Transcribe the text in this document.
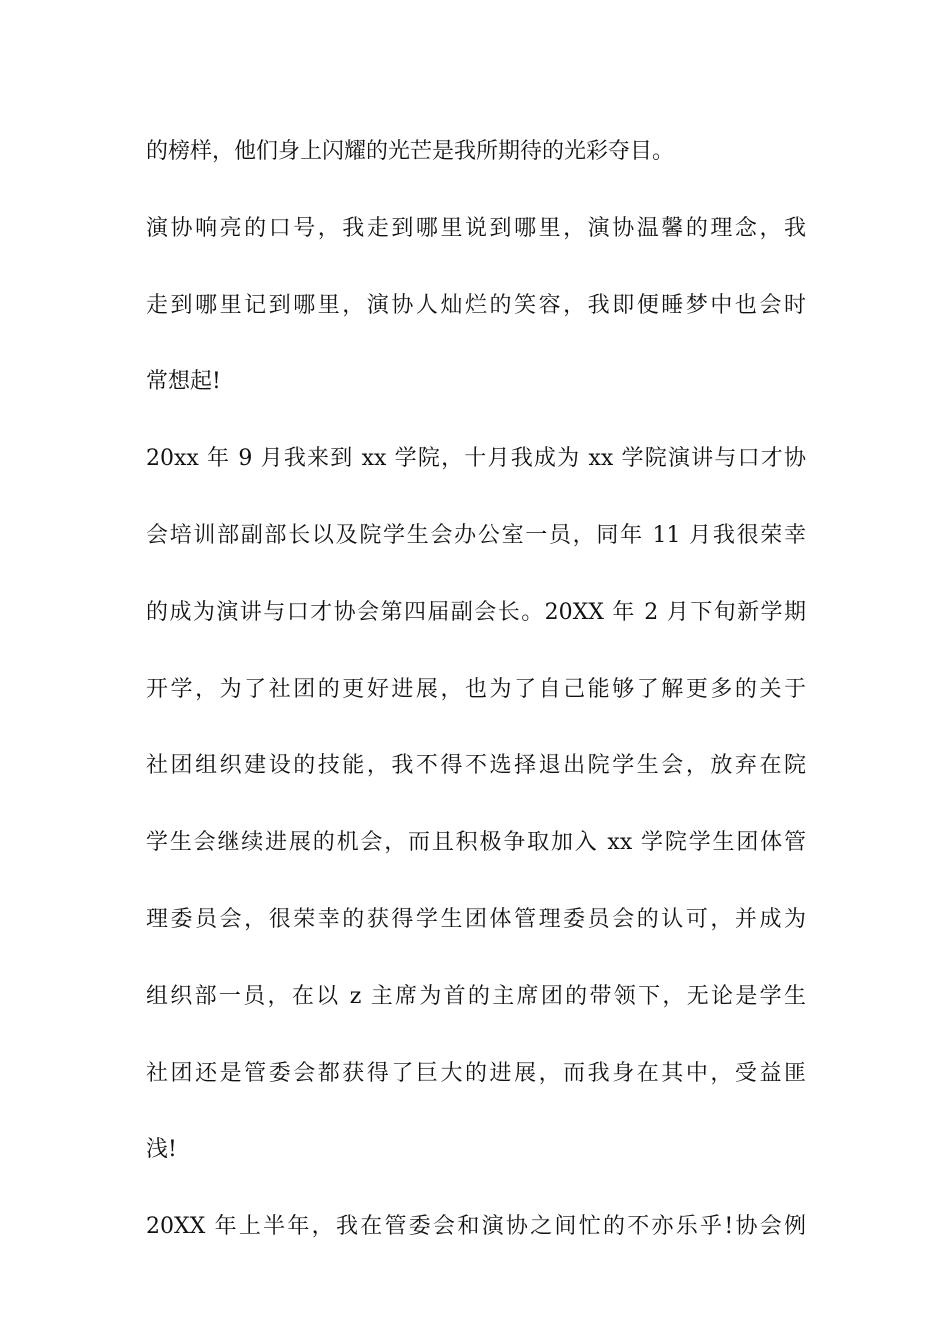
的榜样，他们身上闪耀的光芒是我所期待的光彩夺目。
演协响亮的口号，我走到哪里说到哪里，演协温馨的理念，我
走到哪里记到哪里，演协人灿烂的笑容，我即便睡梦中也会时
常想起!
20xx 年 9 月我来到 xx 学院，十月我成为 xx 学院演讲与口才协
会培训部副部长以及院学生会办公室一员，同年 11 月我很荣幸
的成为演讲与口才协会第四届副会长。20XX 年 2 月下旬新学期
开学，为了社团的更好进展，也为了自己能够了解更多的关于
社团组织建设的技能，我不得不选择退出院学生会，放弃在院
学生会继续进展的机会，而且积极争取加入 xx 学院学生团体管
理委员会，很荣幸的获得学生团体管理委员会的认可，并成为
组织部一员，在以 z 主席为首的主席团的带领下，无论是学生
社团还是管委会都获得了巨大的进展，而我身在其中，受益匪
浅!
20XX 年上半年，我在管委会和演协之间忙的不亦乐乎!协会例
